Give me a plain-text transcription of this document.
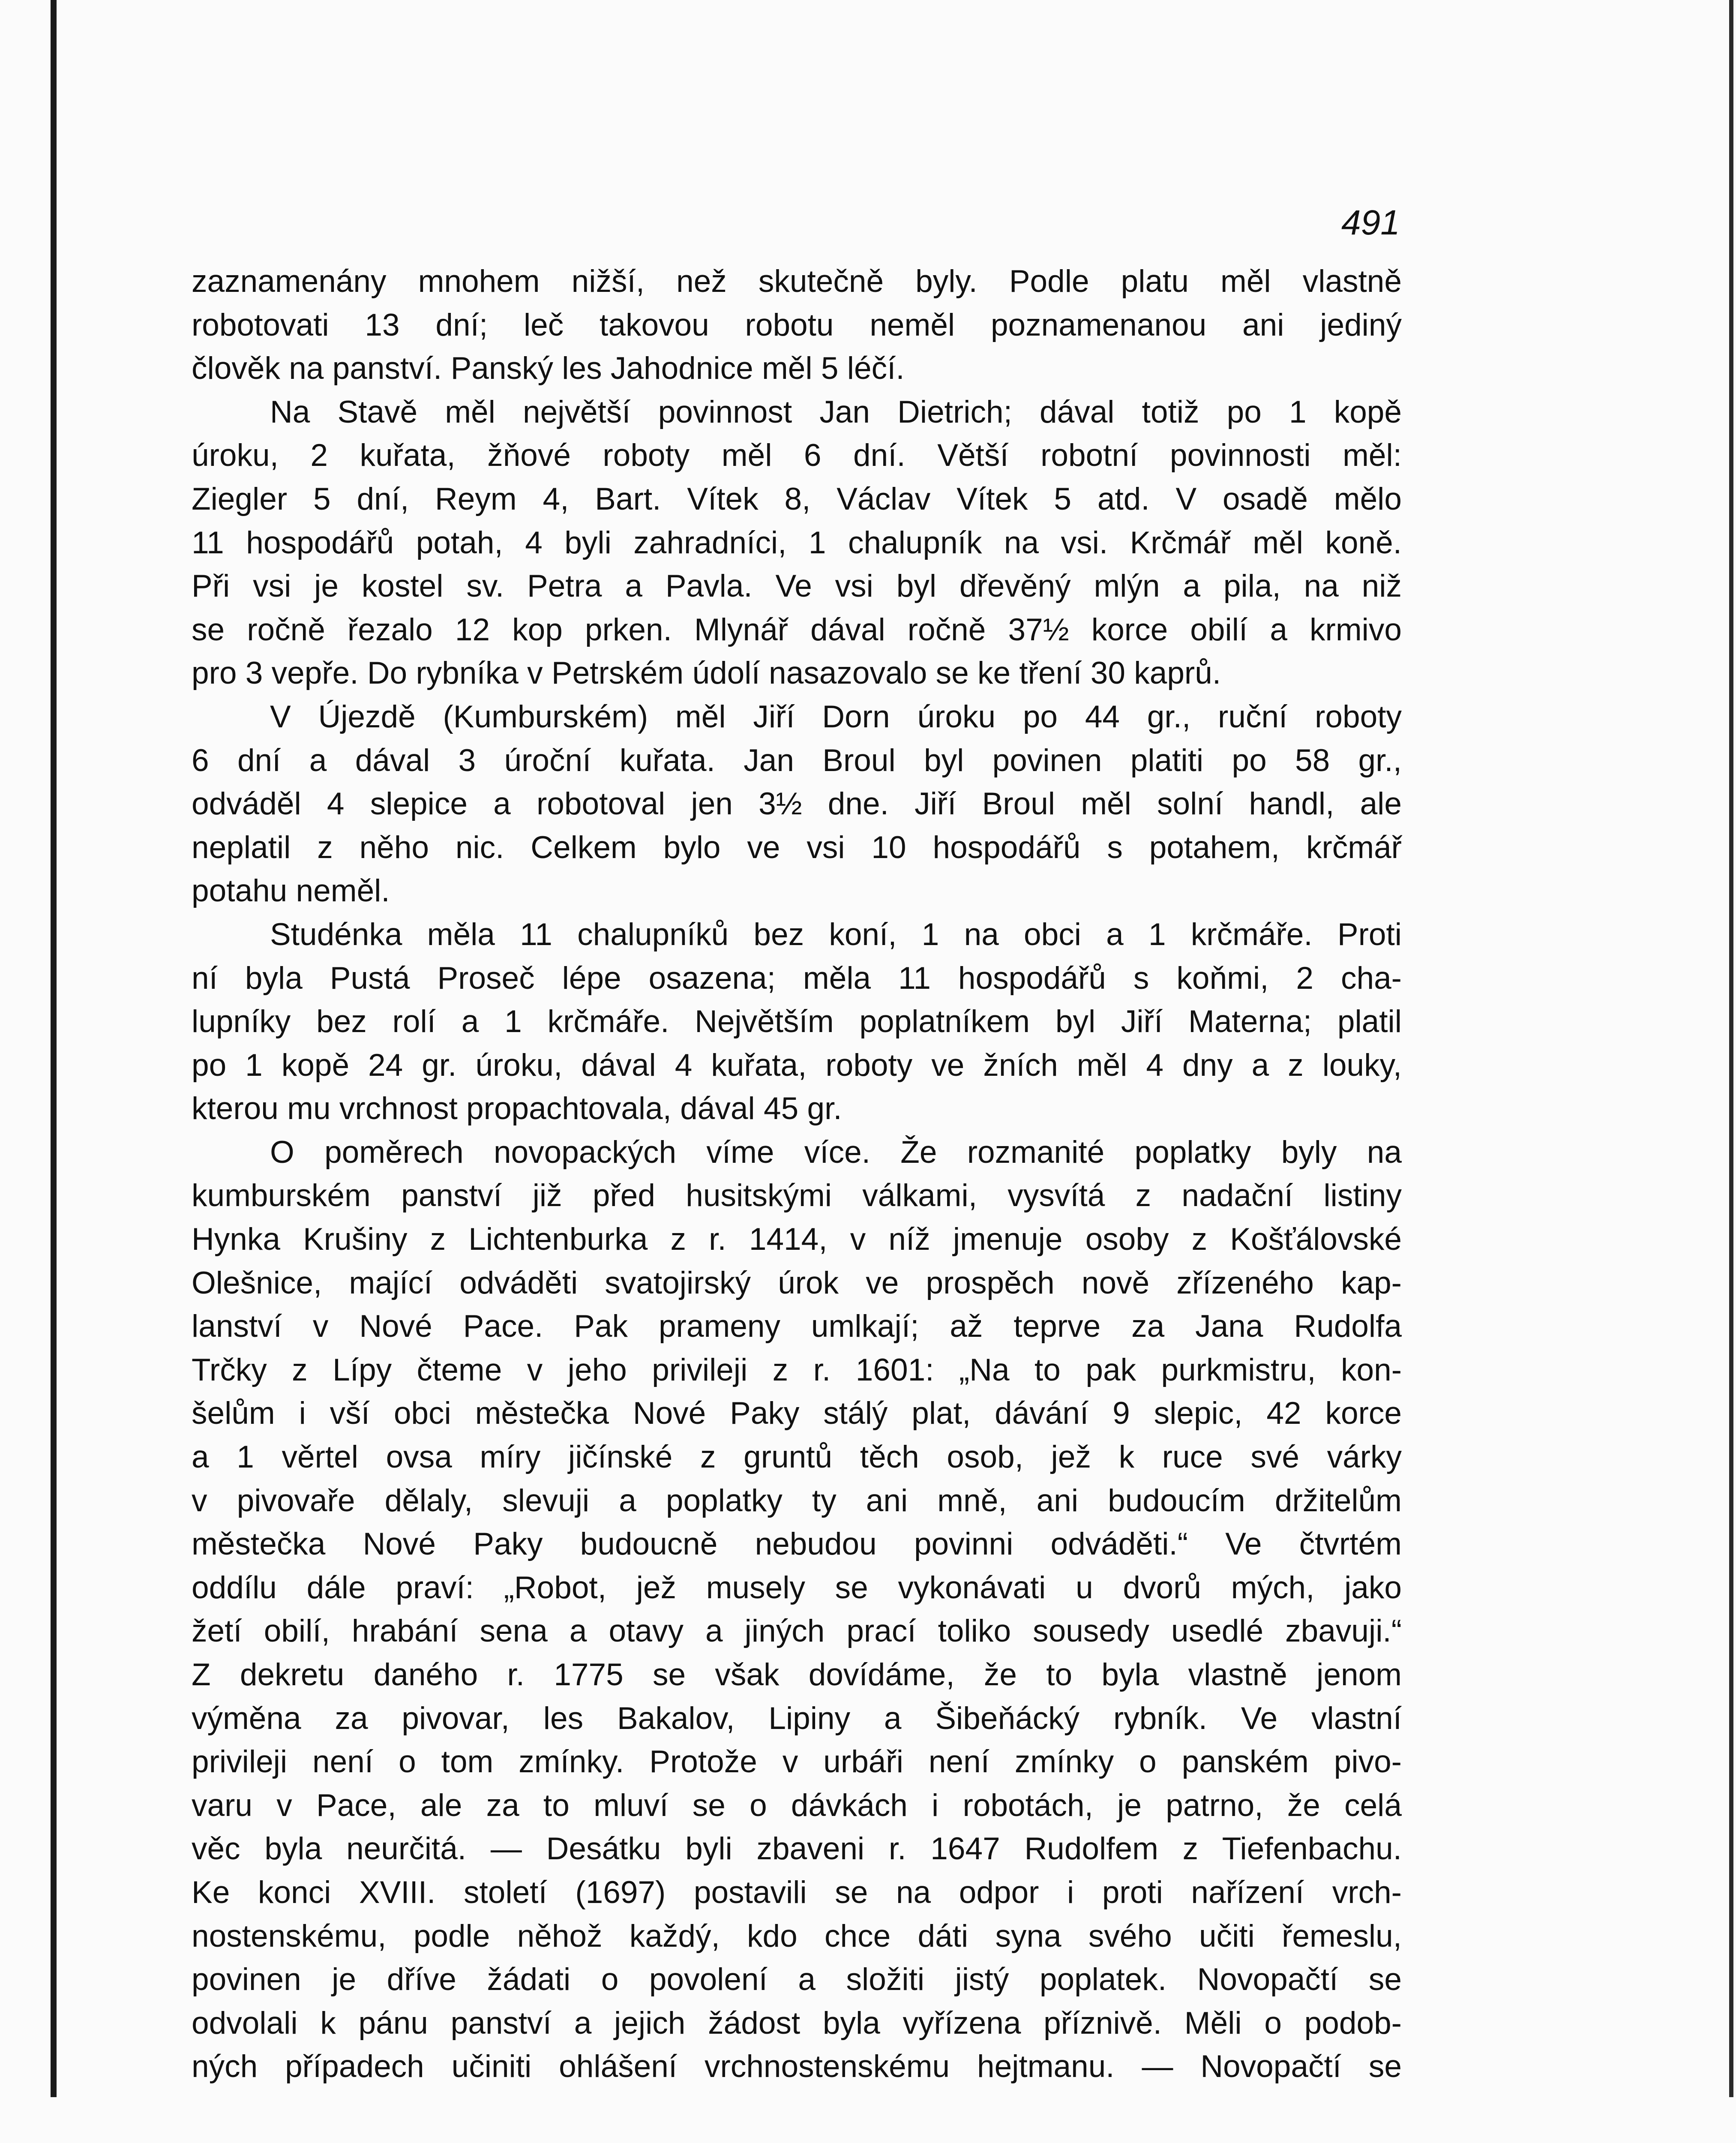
491
zaznamenány mnohem nižší, než skutečně byly. Podle platu měl vlastně
robotovati 13 dní; leč takovou robotu neměl poznamenanou ani jediný
člověk na panství. Panský les Jahodnice měl 5 léčí.
Na Stavě měl největší povinnost Jan Dietrich; dával totiž po 1 kopě
úroku, 2 kuřata, žňové roboty měl 6 dní. Větší robotní povinnosti měl:
Ziegler 5 dní, Reym 4, Bart. Vítek 8, Václav Vítek 5 atd. V osadě mělo
11 hospodářů potah, 4 byli zahradníci, 1 chalupník na vsi. Krčmář měl koně.
Při vsi je kostel sv. Petra a Pavla. Ve vsi byl dřevěný mlýn a pila, na niž
se ročně řezalo 12 kop prken. Mlynář dával ročně 37½ korce obilí a krmivo
pro 3 vepře. Do rybníka v Petrském údolí nasazovalo se ke tření 30 kaprů.
V Újezdě (Kumburském) měl Jiří Dorn úroku po 44 gr., ruční roboty
6 dní a dával 3 úroční kuřata. Jan Broul byl povinen platiti po 58 gr.,
odváděl 4 slepice a robotoval jen 3½ dne. Jiří Broul měl solní handl, ale
neplatil z něho nic. Celkem bylo ve vsi 10 hospodářů s potahem, krčmář
potahu neměl.
Studénka měla 11 chalupníků bez koní, 1 na obci a 1 krčmáře. Proti
ní byla Pustá Proseč lépe osazena; měla 11 hospodářů s koňmi, 2 cha-
lupníky bez rolí a 1 krčmáře. Největším poplatníkem byl Jiří Materna; platil
po 1 kopě 24 gr. úroku, dával 4 kuřata, roboty ve žních měl 4 dny a z louky,
kterou mu vrchnost propachtovala, dával 45 gr.
O poměrech novopackých víme více. Že rozmanité poplatky byly na
kumburském panství již před husitskými válkami, vysvítá z nadační listiny
Hynka Krušiny z Lichtenburka z r. 1414, v níž jmenuje osoby z Košťálovské
Olešnice, mající odváděti svatojirský úrok ve prospěch nově zřízeného kap-
lanství v Nové Pace. Pak prameny umlkají; až teprve za Jana Rudolfa
Trčky z Lípy čteme v jeho privileji z r. 1601: „Na to pak purkmistru, kon-
šelům i vší obci městečka Nové Paky stálý plat, dávání 9 slepic, 42 korce
a 1 věrtel ovsa míry jičínské z gruntů těch osob, jež k ruce své várky
v pivovaře dělaly, slevuji a poplatky ty ani mně, ani budoucím držitelům
městečka Nové Paky budoucně nebudou povinni odváděti.“ Ve čtvrtém
oddílu dále praví: „Robot, jež musely se vykonávati u dvorů mých, jako
žetí obilí, hrabání sena a otavy a jiných prací toliko sousedy usedlé zbavuji.“
Z dekretu daného r. 1775 se však dovídáme, že to byla vlastně jenom
výměna za pivovar, les Bakalov, Lipiny a Šibeňácký rybník. Ve vlastní
privileji není o tom zmínky. Protože v urbáři není zmínky o panském pivo-
varu v Pace, ale za to mluví se o dávkách i robotách, je patrno, že celá
věc byla neurčitá. — Desátku byli zbaveni r. 1647 Rudolfem z Tiefenbachu.
Ke konci XVIII. století (1697) postavili se na odpor i proti nařízení vrch-
nostenskému, podle něhož každý, kdo chce dáti syna svého učiti řemeslu,
povinen je dříve žádati o povolení a složiti jistý poplatek. Novopačtí se
odvolali k pánu panství a jejich žádost byla vyřízena příznivě. Měli o podob-
ných případech učiniti ohlášení vrchnostenskému hejtmanu. — Novopačtí se
